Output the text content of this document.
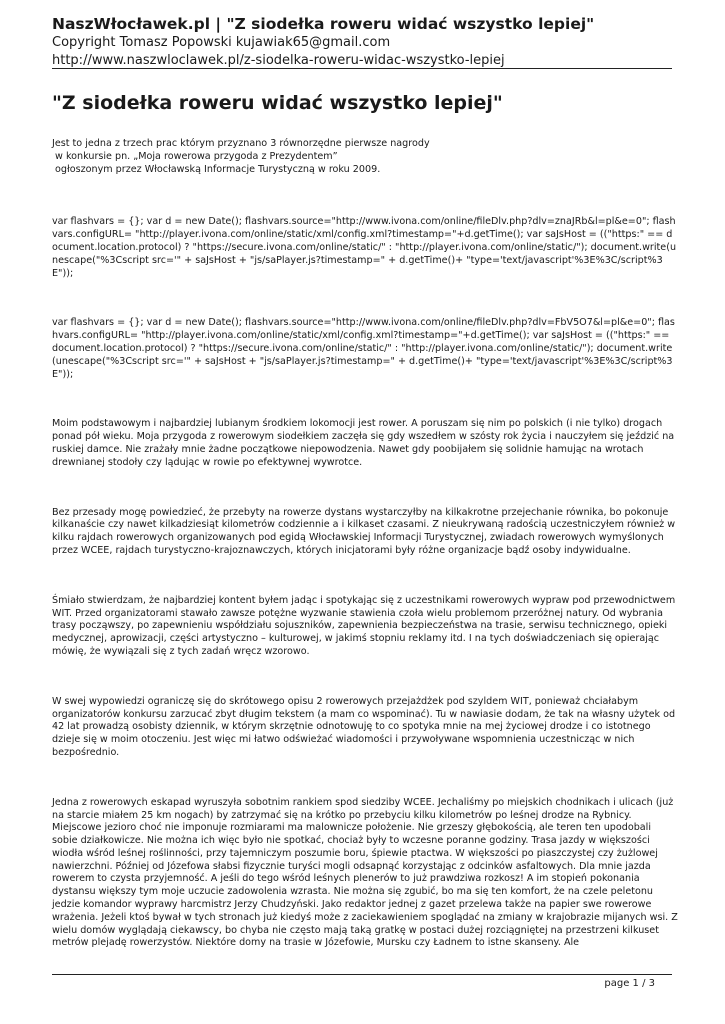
NaszWłocławek.pl | "Z siodełka roweru widać wszystko lepiej"
Copyright Tomasz Popowski kujawiak65@gmail.com
http://www.naszwloclawek.pl/z-siodelka-roweru-widac-wszystko-lepiej
"Z siodełka roweru widać wszystko lepiej"
Jest to jedna z trzech prac którym przyznano 3 równorzędne pierwsze nagrody
w konkursie pn. „Moja rowerowa przygoda z Prezydentem”
ogłoszonym przez Włocławską Informacje Turystyczną w roku 2009.

var flashvars = {}; var d = new Date(); flashvars.source="http://www.ivona.com/online/fileDlv.php?dlv=znaJRb&l=pl&e=0"; flashvars.configURL= "http://player.ivona.com/online/static/xml/config.xml?timestamp="+d.getTime(); var saJsHost = (("https:" == document.location.protocol) ? "https://secure.ivona.com/online/static/" : "http://player.ivona.com/online/static/"); document.write(unescape("%3Cscript src='" + saJsHost + "js/saPlayer.js?timestamp=" + d.getTime()+ "type='text/javascript'%3E%3C/script%3E"));

var flashvars = {}; var d = new Date(); flashvars.source="http://www.ivona.com/online/fileDlv.php?dlv=FbV5O7&l=pl&e=0"; flashvars.configURL= "http://player.ivona.com/online/static/xml/config.xml?timestamp="+d.getTime(); var saJsHost = (("https:" == document.location.protocol) ? "https://secure.ivona.com/online/static/" : "http://player.ivona.com/online/static/"); document.write(unescape("%3Cscript src='" + saJsHost + "js/saPlayer.js?timestamp=" + d.getTime()+ "type='text/javascript'%3E%3C/script%3E"));

Moim podstawowym i najbardziej lubianym środkiem lokomocji jest rower. A poruszam się nim po polskich (i nie tylko) drogach ponad pół wieku. Moja przygoda z rowerowym siodełkiem zaczęła się gdy wszedłem w szósty rok życia i nauczyłem się jeździć na ruskiej damce. Nie zrażały mnie żadne początkowe niepowodzenia. Nawet gdy poobijałem się solidnie hamując na wrotach drewnianej stodoły czy lądując w rowie po efektywnej wywrotce.

Bez przesady mogę powiedzieć, że przebyty na rowerze dystans wystarczyłby na kilkakrotne przejechanie równika, bo pokonuje kilkanaście czy nawet kilkadziesiąt kilometrów codziennie a i kilkaset czasami. Z nieukrywaną radością uczestniczyłem również w kilku rajdach rowerowych organizowanych pod egidą Włocławskiej Informacji Turystycznej, zwiadach rowerowych wymyślonych przez WCEE, rajdach turystyczno-krajoznawczych, których inicjatorami były różne organizacje bądź osoby indywidualne.

Śmiało stwierdzam, że najbardziej kontent byłem jadąc i spotykając się z uczestnikami rowerowych wypraw pod przewodnictwem WIT. Przed organizatorami stawało zawsze potężne wyzwanie stawienia czoła wielu problemom przeróżnej natury. Od wybrania trasy począwszy, po zapewnieniu współdziału sojuszników, zapewnienia bezpieczeństwa na trasie, serwisu technicznego, opieki medycznej, aprowizacji, części artystyczno – kulturowej, w jakimś stopniu reklamy itd. I na tych doświadczeniach się opierając mówię, że wywiązali się z tych zadań wręcz wzorowo.

W swej wypowiedzi ograniczę się do skrótowego opisu 2 rowerowych przejażdżek pod szyldem WIT, ponieważ chciałabym organizatorów konkursu zarzucać zbyt długim tekstem (a mam co wspominać). Tu w nawiasie dodam, że tak na własny użytek od 42 lat prowadzą osobisty dziennik, w którym skrzętnie odnotowuję to co spotyka mnie na mej życiowej drodze i co istotnego dzieje się w moim otoczeniu. Jest więc mi łatwo odświeżać wiadomości i przywoływane wspomnienia uczestnicząc w nich bezpośrednio.

Jedna z rowerowych eskapad wyruszyła sobotnim rankiem spod siedziby WCEE. Jechaliśmy po miejskich chodnikach i ulicach (już na starcie miałem 25 km nogach) by zatrzymać się na krótko po przebyciu kilku kilometrów po leśnej drodze na Rybnicy. Miejscowe jezioro choć nie imponuje rozmiarami ma malownicze położenie. Nie grzeszy głębokością, ale teren ten upodobali sobie działkowicze. Nie można ich więc było nie spotkać, chociaż były to wczesne poranne godziny. Trasa jazdy w większości wiodła wśród leśnej roślinności, przy tajemniczym poszumie boru, śpiewie ptactwa. W większości po piaszczystej czy żużlowej nawierzchni. Później od Józefowa słabsi fizycznie turyści mogli odsapnąć korzystając z odcinków asfaltowych. Dla mnie jazda rowerem to czysta przyjemność. A jeśli do tego wśród leśnych plenerów to już prawdziwa rozkosz! A im stopień pokonania dystansu większy tym moje uczucie zadowolenia wzrasta. Nie można się zgubić, bo ma się ten komfort, że na czele peletonu jedzie komandor wyprawy harcmistrz Jerzy Chudzyński. Jako redaktor jednej z gazet przelewa także na papier swe rowerowe wrażenia. Jeżeli ktoś bywał w tych stronach już kiedyś może z zaciekawieniem spoglądać na zmiany w krajobrazie mijanych wsi. Z wielu domów wyglądają ciekawscy, bo chyba nie często mają taką gratkę w postaci dużej rozciągniętej na przestrzeni kilkuset metrów plejadę rowerzystów. Niektóre domy na trasie w Józefowie, Mursku czy Ładnem to istne skanseny. Ale

page 1 / 3
